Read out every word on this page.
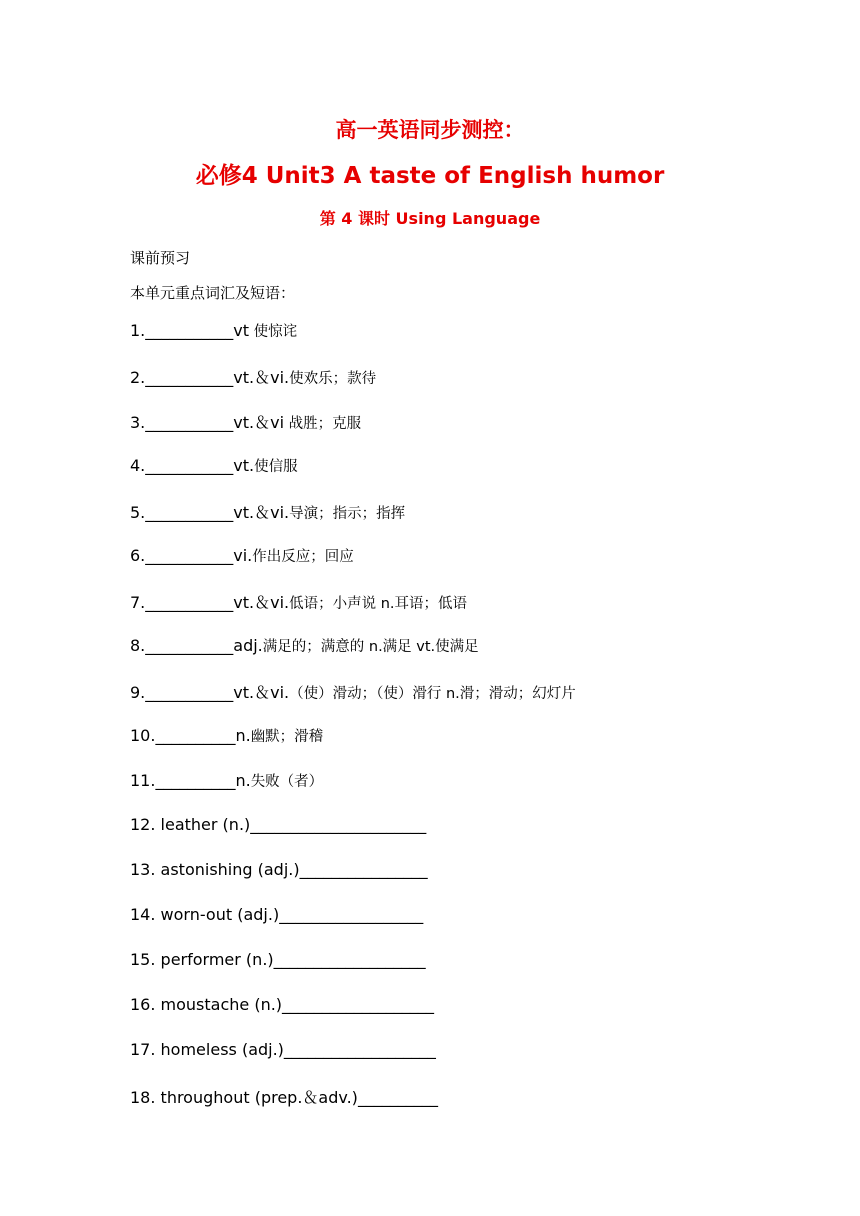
高一英语同步测控：
必修4 Unit3 A taste of English humor
第 4 课时 Using Language
课前预习
本单元重点词汇及短语：
1.___________vt 使惊诧
2.___________vt.＆vi.使欢乐；款待
3.___________vt.＆vi 战胜；克服
4.___________vt.使信服
5.___________vt.＆vi.导演；指示；指挥
6.___________vi.作出反应；回应
7.___________vt.＆vi.低语；小声说 n.耳语；低语
8.___________adj.满足的；满意的 n.满足 vt.使满足
9.___________vt.＆vi.（使）滑动；（使）滑行 n.滑；滑动；幻灯片
10.__________n.幽默；滑稽
11.__________n.失败（者）
12. leather (n.)______________________
13. astonishing (adj.)________________
14. worn-out (adj.)__________________
15. performer (n.)___________________
16. moustache (n.)___________________
17. homeless (adj.)___________________
18. throughout (prep.＆adv.)__________
